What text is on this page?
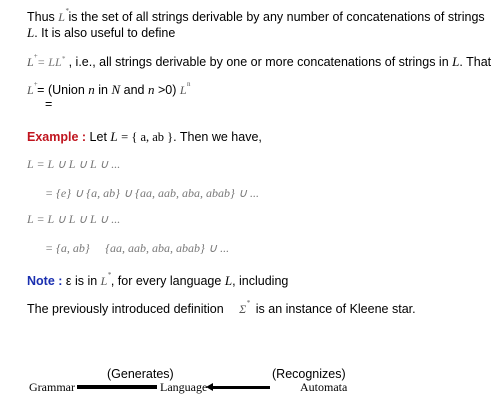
Thus L * is the set of all strings derivable by any number of concatenations of strings
L. It is also useful to define
L + = LL* , i.e., all strings derivable by one or more concatenations of strings in L. That
L + = (Union n in N and n >0) L n
=
Example : Let L = { a, ab }. Then we have,
L = L ∪ L ∪ L ∪ ...
= {e} ∪ {a, ab} ∪ {aa, aab, aba, abab} ∪ ...
L = L ∪ L ∪ L ∪ ...
= {a, ab} {aa, aab, aba, abab} ∪ ...
Note : ε is in L * , for every language L, including
The previously introduced definition Σ * is an instance of Kleene star.
(Generates)	(Recognizes)
Grammar	Language	Automata
